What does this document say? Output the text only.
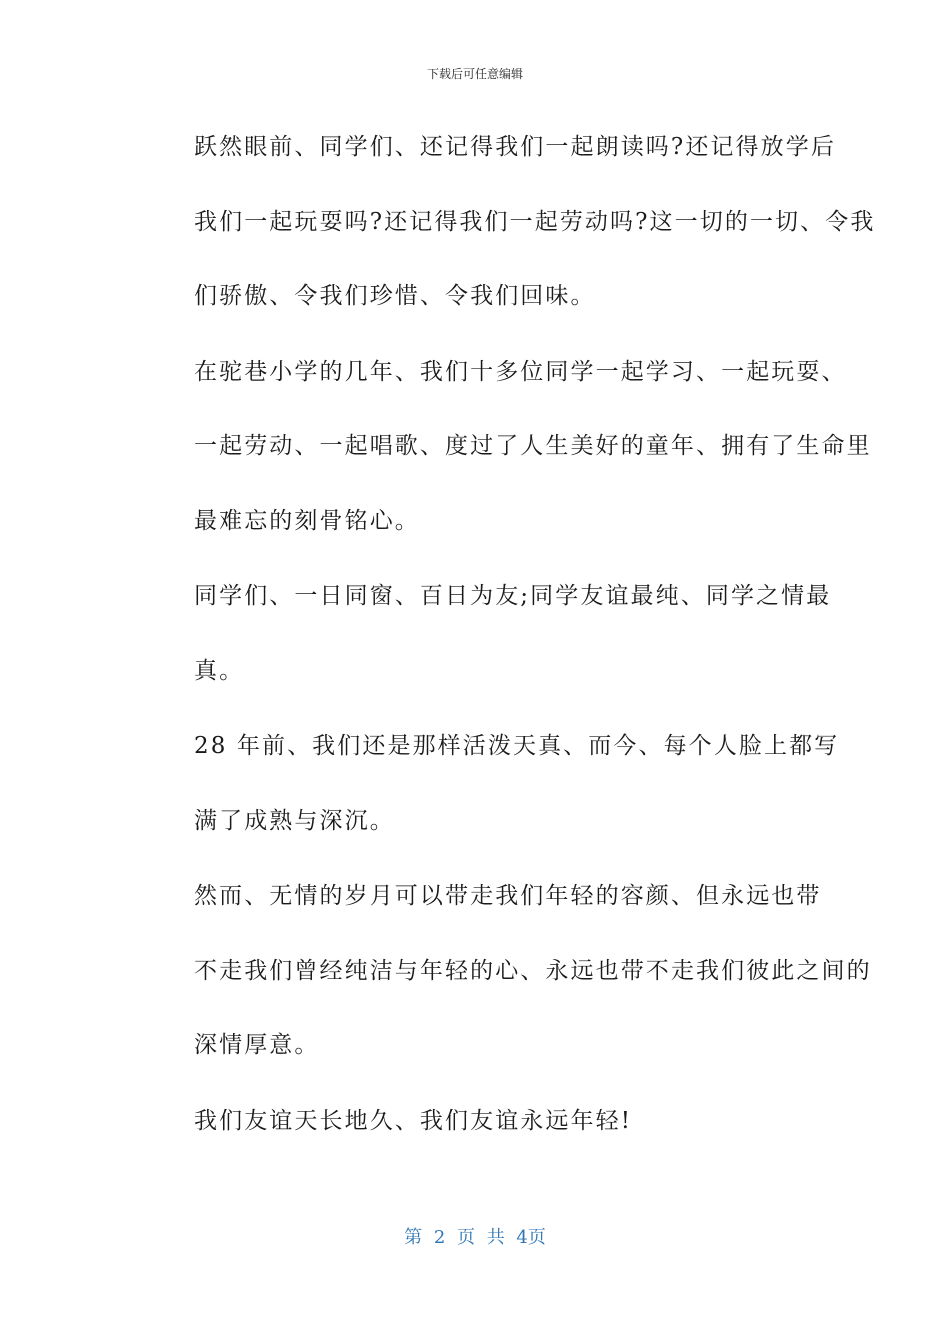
下载后可任意编辑

跃然眼前、同学们、还记得我们一起朗读吗?还记得放学后
我们一起玩耍吗?还记得我们一起劳动吗?这一切的一切、令我
们骄傲、令我们珍惜、令我们回味。

在驼巷小学的几年、我们十多位同学一起学习、一起玩耍、
一起劳动、一起唱歌、度过了人生美好的童年、拥有了生命里
最难忘的刻骨铭心。

同学们、一日同窗、百日为友;同学友谊最纯、同学之情最
真。

28 年前、我们还是那样活泼天真、而今、每个人脸上都写
满了成熟与深沉。

然而、无情的岁月可以带走我们年轻的容颜、但永远也带
不走我们曾经纯洁与年轻的心、永远也带不走我们彼此之间的
深情厚意。

我们友谊天长地久、我们友谊永远年轻!

第 2 页 共 4页
